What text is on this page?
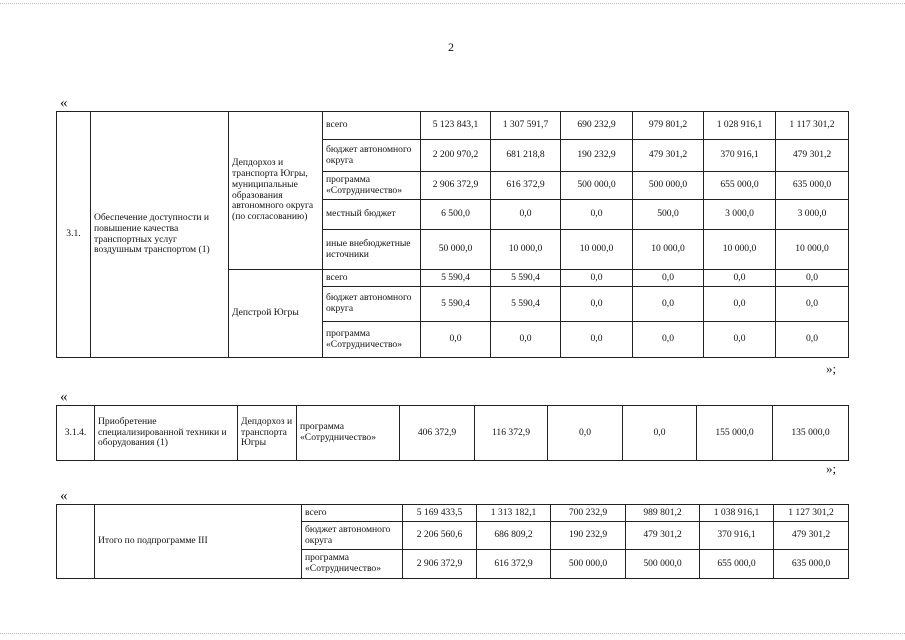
2
«
3.1.	Обеспечение доступности и повышение качества транспортных услуг воздушным транспортом (1)	Депдорхоз и транспорта Югры, муниципальные образования автономного округа (по согласованию)	всего	5 123 843,1	1 307 591,7	690 232,9	979 801,2	1 028 916,1	1 117 301,2
			бюджет автономного округа	2 200 970,2	681 218,8	190 232,9	479 301,2	370 916,1	479 301,2
			программа «Сотрудничество»	2 906 372,9	616 372,9	500 000,0	500 000,0	655 000,0	635 000,0
			местный бюджет	6 500,0	0,0	0,0	500,0	3 000,0	3 000,0
			иные внебюджетные источники	50 000,0	10 000,0	10 000,0	10 000,0	10 000,0	10 000,0
		Депстрой Югры	всего	5 590,4	5 590,4	0,0	0,0	0,0	0,0
			бюджет автономного округа	5 590,4	5 590,4	0,0	0,0	0,0	0,0
			программа «Сотрудничество»	0,0	0,0	0,0	0,0	0,0	0,0
»;
«
3.1.4.	Приобретение специализированной техники и оборудования (1)	Депдорхоз и транспорта Югры	программа «Сотрудничество»	406 372,9	116 372,9	0,0	0,0	155 000,0	135 000,0
»;
«
	Итого по подпрограмме III	всего	5 169 433,5	1 313 182,1	700 232,9	989 801,2	1 038 916,1	1 127 301,2
		бюджет автономного округа	2 206 560,6	686 809,2	190 232,9	479 301,2	370 916,1	479 301,2
		программа «Сотрудничество»	2 906 372,9	616 372,9	500 000,0	500 000,0	655 000,0	635 000,0
